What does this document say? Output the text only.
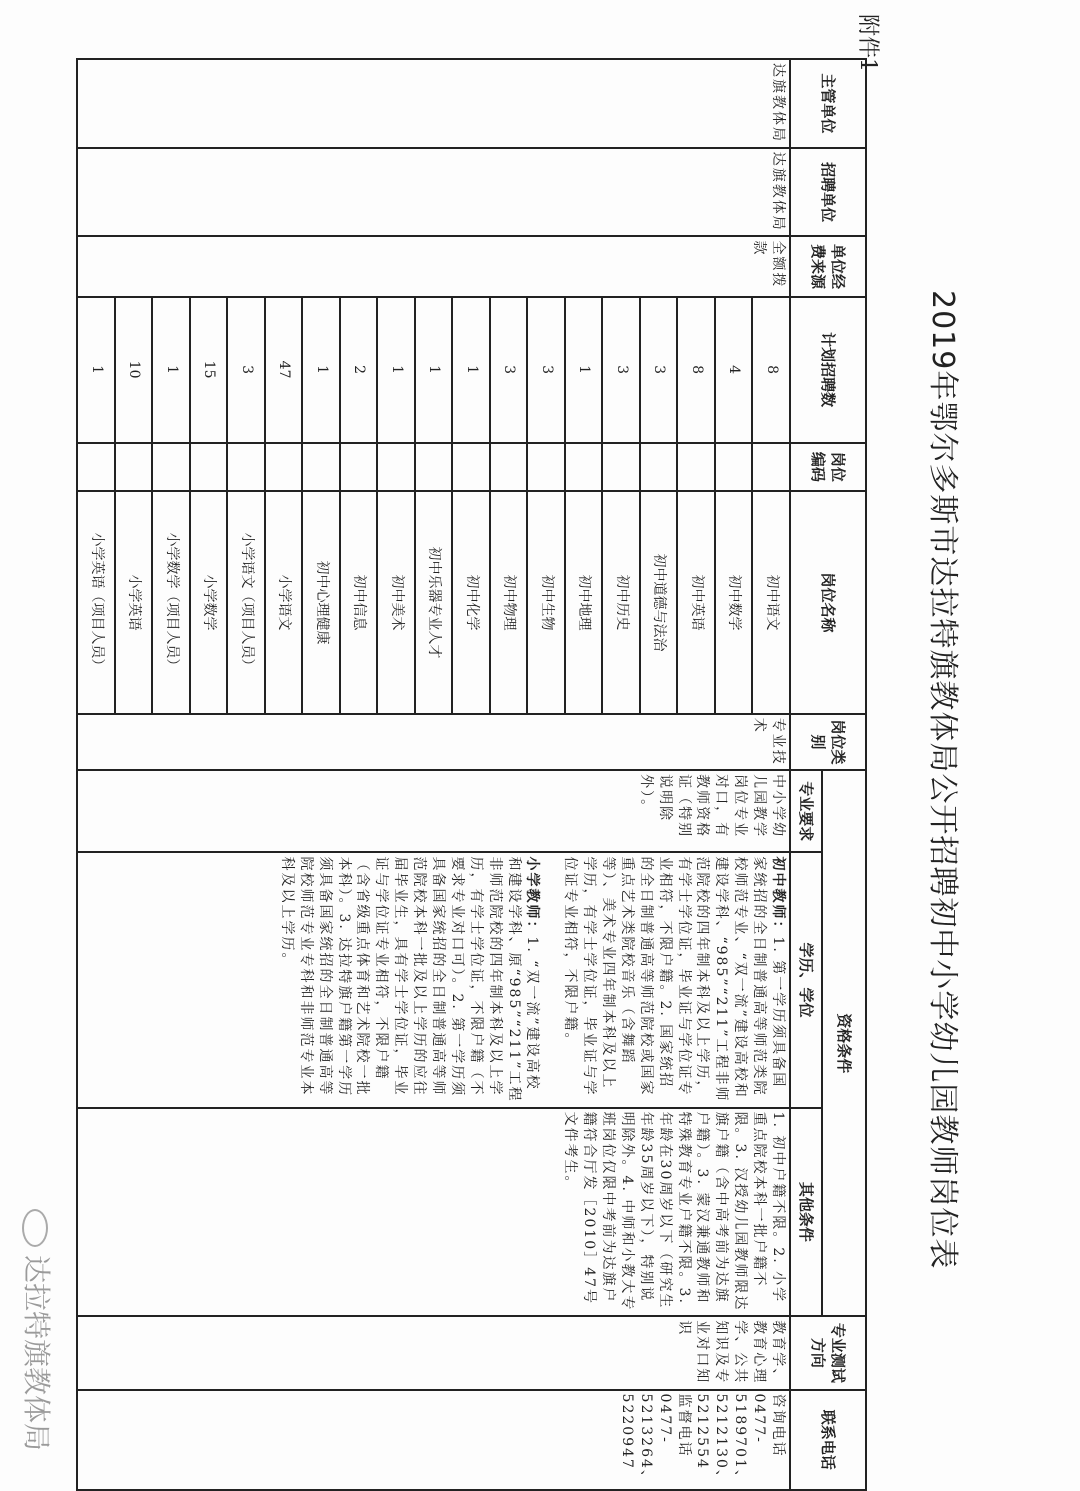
附件1
2019年鄂尔多斯市达拉特旗教体局公开招聘初中小学幼儿园教师岗位表
主管单位	招聘单位	单位经费来源	计划招聘数	岗位编码	岗位名称	岗位类别	资格条件			专业测试方向	联系电话
							专业要求	学历、学位	其他条件		
达旗教体局	达旗教体局	全额拨款	8		初中语文	专业技术	中小学幼儿园教学岗位专业对口，有教师资格证（特别说明除外）。	初中教师：1. 第一学历须具备国家统招的全日制普通高等师范类院校师范专业、“双一流”建设高校和建设学科、“985”“211”工程非师范院校的四年制本科及以上学历，有学士学位证，毕业证与学位证专业相符，不限户籍。2. 国家统招的全日制普通高等师范院校或国家重点艺术类院校音乐（含舞蹈等）、美术专业四年制本科及以上学历，有学士学位证，毕业证与学位证专业相符，不限户籍。

小学教师：1. “双一流”建设高校和建设学科、原“985”“211”工程非师范院校的四年制本科及以上学历，有学士学位证，不限户籍（不要求专业对口可）。2. 第一学历须具备国家统招的全日制普通高等师范院校本科一批及以上学历的应往届毕业生，具有学士学位证，毕业证与学位证专业相符，不限户籍（含省级重点体育和艺术院校一批本科）。3. 达拉特旗户籍第一学历须具备国家统招的全日制普通高等院校师范专业专科和非师范专业本科及以上学历。	1. 初中户籍不限。2. 小学重点院校本科一批户籍不限。3. 汉授幼儿园教师限达旗户籍（含中高考前为达旗户籍）。3. 蒙汉兼通教师和特殊教育专业户籍不限。3. 年龄在30周岁以下（研究生年龄35周岁以下），特别说明除外。4. 中师和小教大专班岗位仅限中考前为达旗户籍符合厅发［2010］47号文件考生。	教育学、教育心理学、公共知识及专业对口知识	咨询电话 0477-5189701、5212130、5212554 监督电话 0477-5213264、5220947
			4		初中数学						
			8		初中英语						
			3		初中道德与法治						
			3		初中历史						
			1		初中地理						
			3		初中生物						
			3		初中物理						
			1		初中化学						
			1		初中乐器专业人才						
			1		初中美术						
			2		初中信息						
			1		初中心理健康						
			47		小学语文						
			3		小学语文（项目人员）						
			15		小学数学						
			1		小学数学（项目人员）						
			10		小学英语						
			1		小学英语（项目人员）						
达拉特旗教体局
